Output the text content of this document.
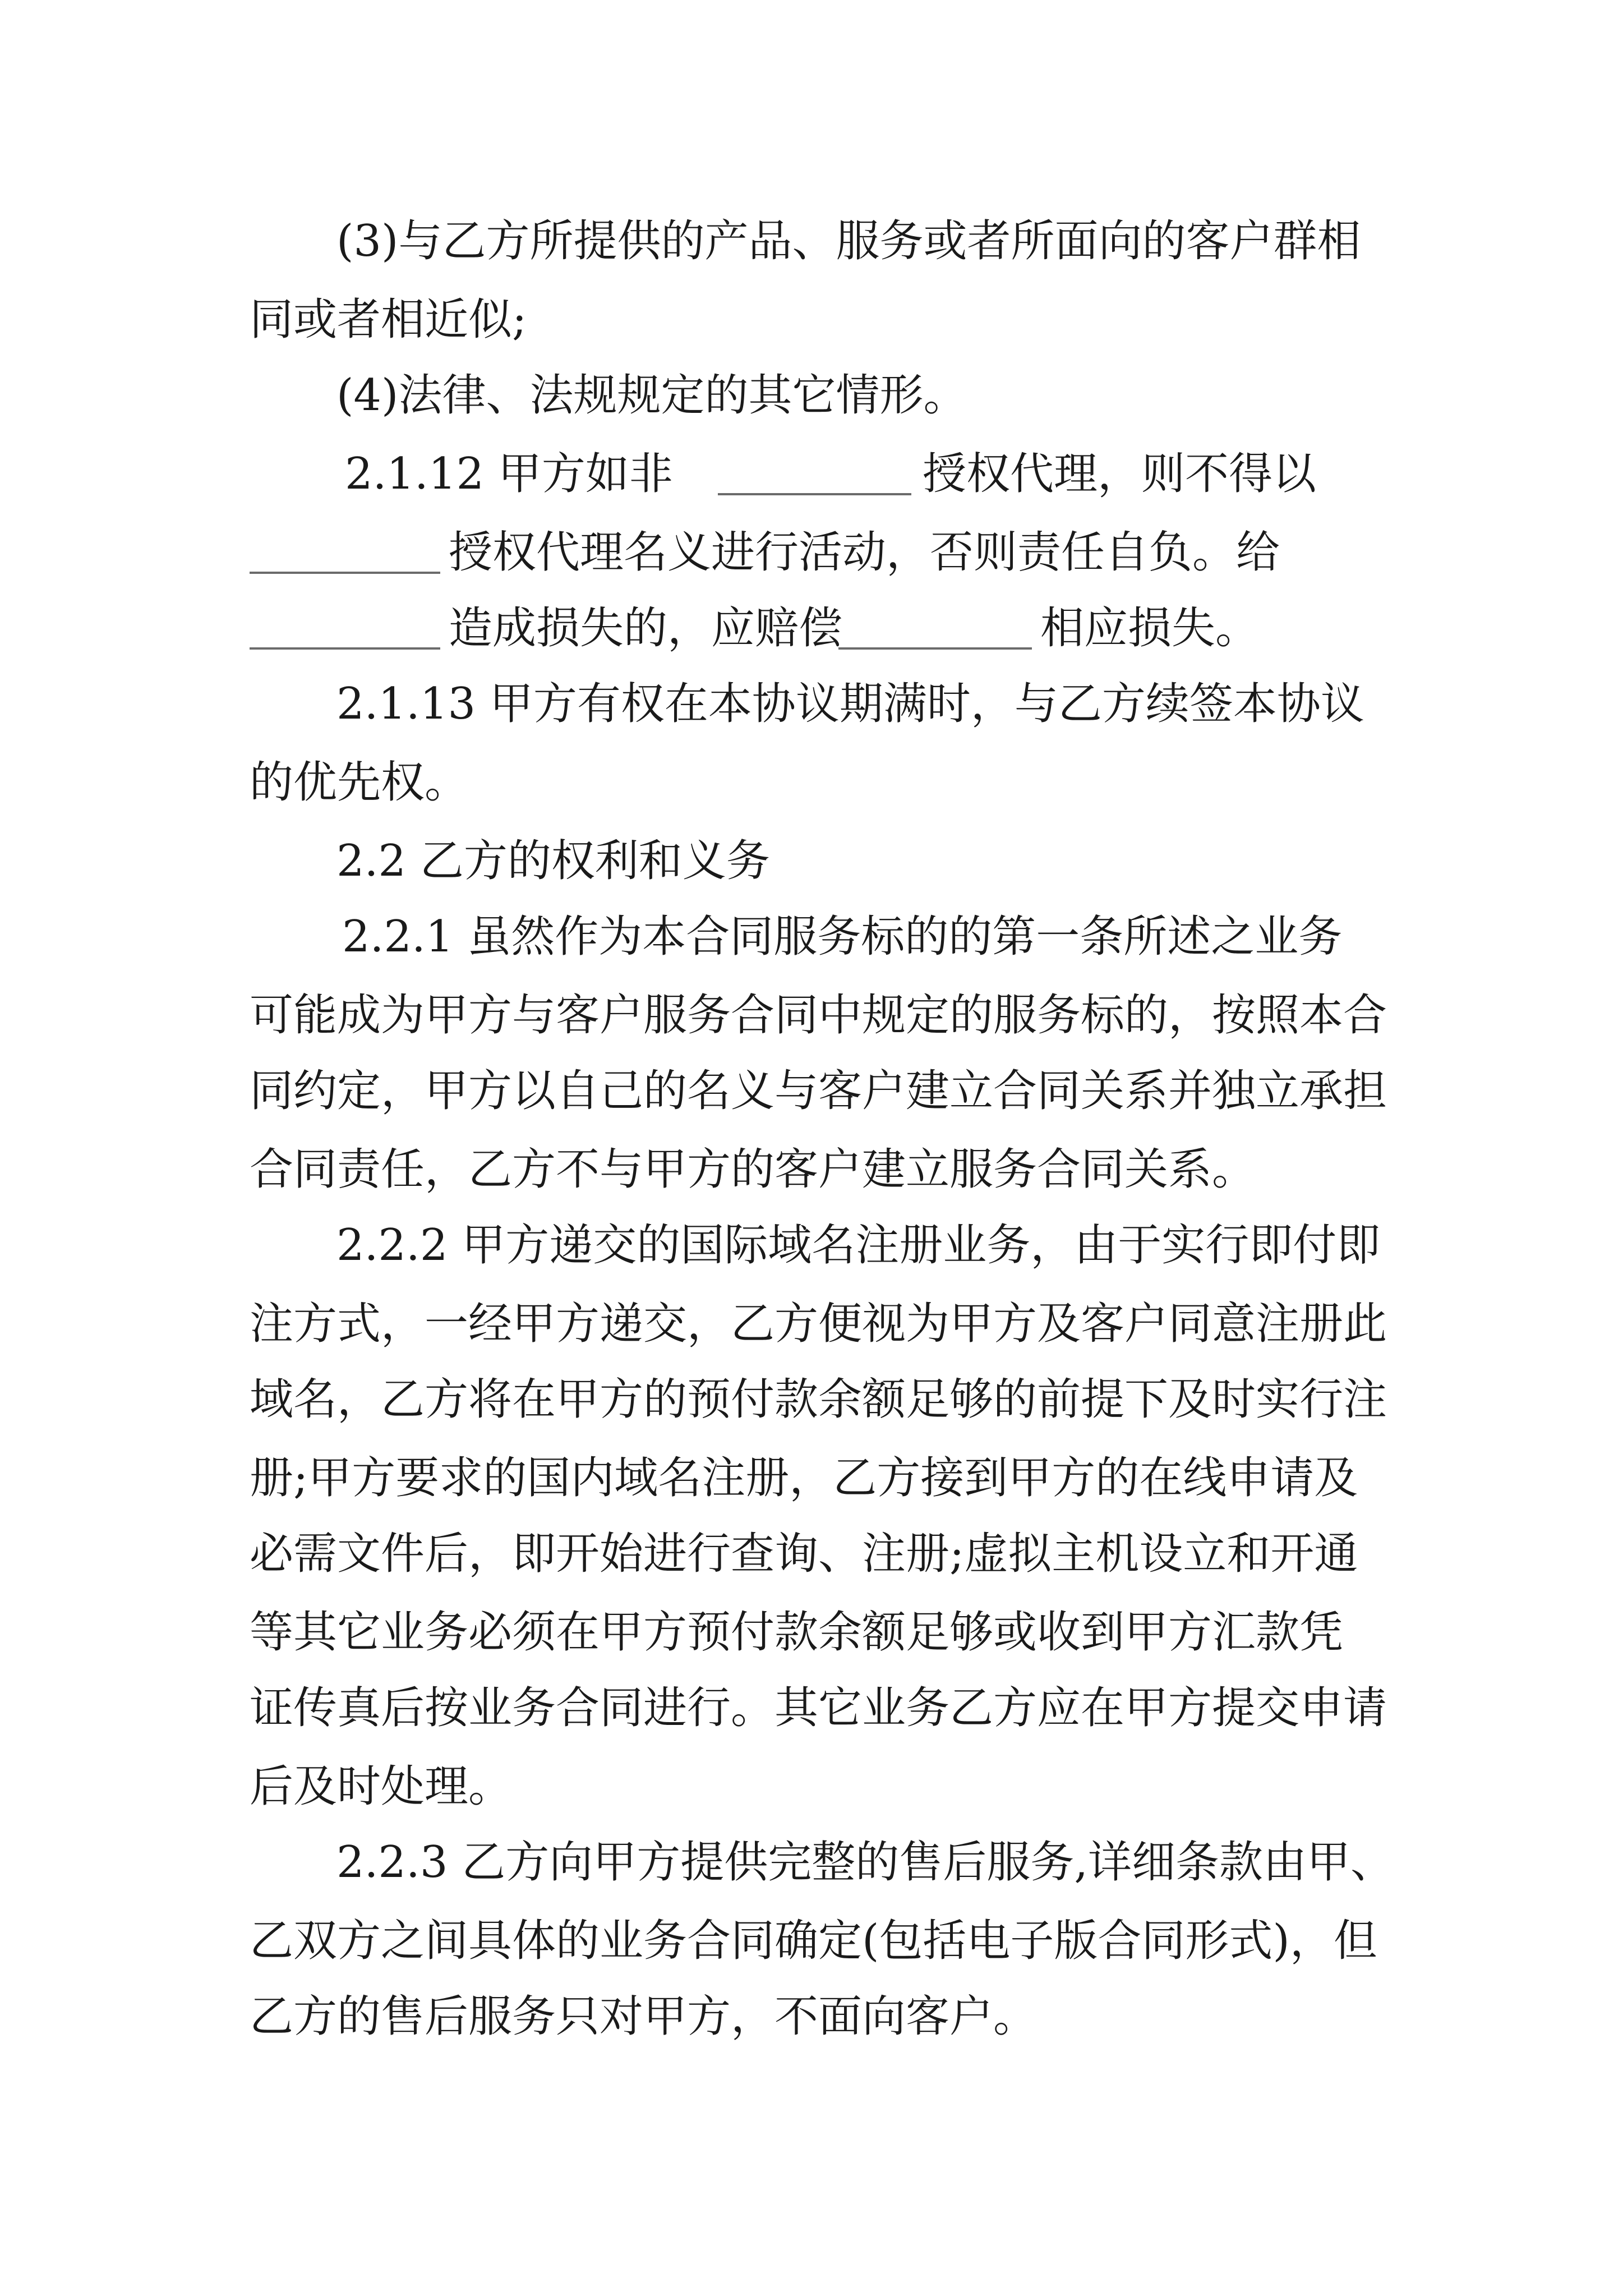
(3)与乙方所提供的产品、服务或者所面向的客户群相

同或者相近似;

(4)法律、法规规定的其它情形。

2.1.12 甲方如非

	授权代理，则不得以

授权代理名义进行活动，否则责任自负。给

造成损失的，应赔偿

	相应损失。

2.1.13 甲方有权在本协议期满时，与乙方续签本协议

的优先权。

2.2 乙方的权利和义务

2.2.1 虽然作为本合同服务标的的第一条所述之业务

可能成为甲方与客户服务合同中规定的服务标的，按照本合

同约定，甲方以自己的名义与客户建立合同关系并独立承担

合同责任，乙方不与甲方的客户建立服务合同关系。

2.2.2 甲方递交的国际域名注册业务，由于实行即付即

注方式，一经甲方递交，乙方便视为甲方及客户同意注册此

域名，乙方将在甲方的预付款余额足够的前提下及时实行注

册;甲方要求的国内域名注册，乙方接到甲方的在线申请及

必需文件后，即开始进行查询、注册;虚拟主机设立和开通

等其它业务必须在甲方预付款余额足够或收到甲方汇款凭

证传真后按业务合同进行。其它业务乙方应在甲方提交申请

后及时处理。

2.2.3 乙方向甲方提供完整的售后服务,详细条款由甲、

乙双方之间具体的业务合同确定(包括电子版合同形式)，但

乙方的售后服务只对甲方，不面向客户。
